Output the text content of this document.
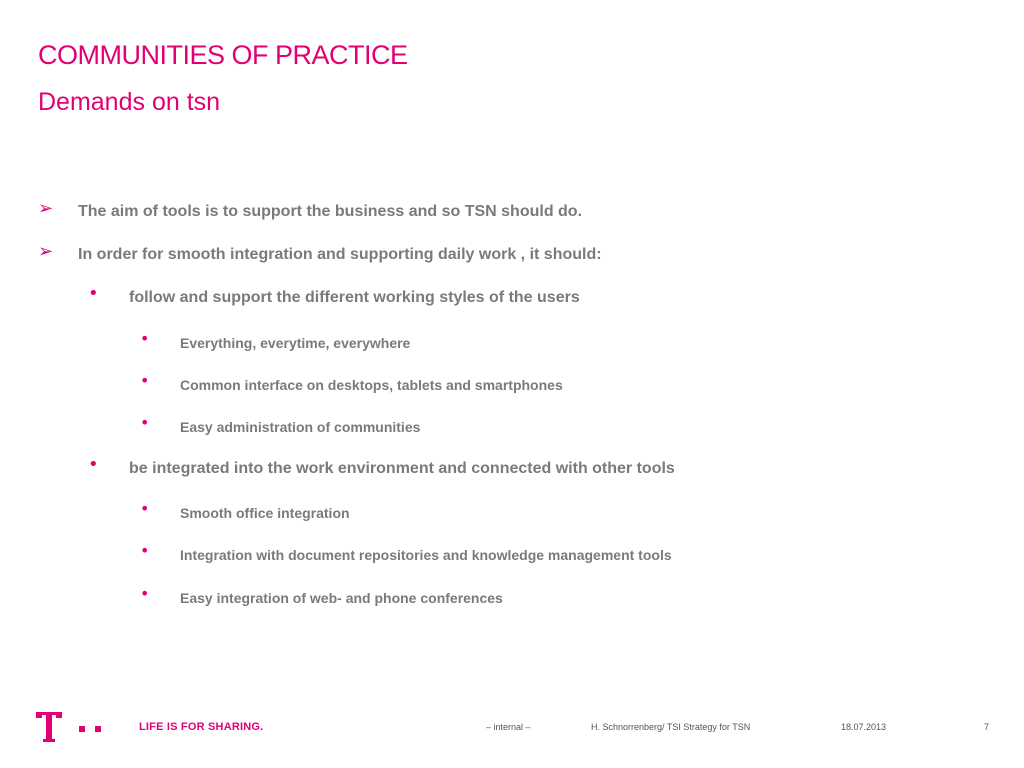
COMMUNITIES OF PRACTICE
Demands on tsn
➢ The aim of tools is to support the business and so TSN should do.
➢ In order for smooth integration and supporting daily work , it should:
• follow and support the different working styles of the users
• Everything, everytime, everywhere
• Common interface on desktops, tablets and smartphones
• Easy administration of communities
• be integrated into the work environment and connected with other tools
• Smooth office integration
• Integration with document repositories and knowledge management tools
• Easy integration of web- and phone conferences
LIFE IS FOR SHARING.	– internal –	H. Schnorrenberg/ TSI Strategy for TSN	18.07.2013	7
